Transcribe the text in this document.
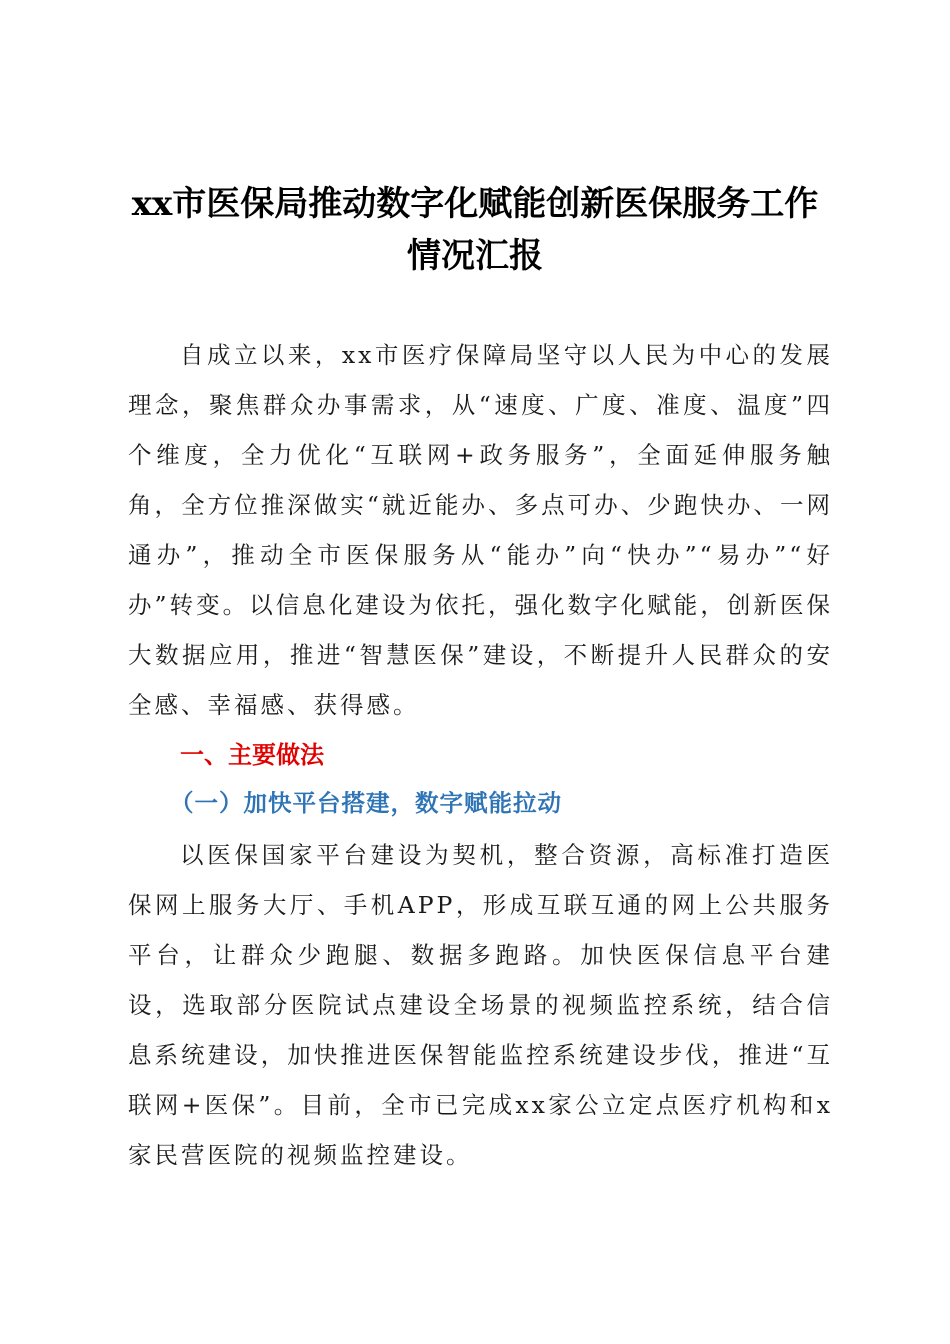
xx市医保局推动数字化赋能创新医保服务工作情况汇报

自成立以来，xx市医疗保障局坚守以人民为中心的发展理念，聚焦群众办事需求，从“速度、广度、准度、温度”四个维度，全力优化“互联网+政务服务”，全面延伸服务触角，全方位推深做实“就近能办、多点可办、少跑快办、一网通办”，推动全市医保服务从“能办”向“快办”“易办”“好办”转变。以信息化建设为依托，强化数字化赋能，创新医保大数据应用，推进“智慧医保”建设，不断提升人民群众的安全感、幸福感、获得感。

一、主要做法
（一）加快平台搭建，数字赋能拉动

以医保国家平台建设为契机，整合资源，高标准打造医保网上服务大厅、手机APP，形成互联互通的网上公共服务平台，让群众少跑腿、数据多跑路。加快医保信息平台建设，选取部分医院试点建设全场景的视频监控系统，结合信息系统建设，加快推进医保智能监控系统建设步伐，推进“互联网+医保”。目前，全市已完成xx家公立定点医疗机构和x家民营医院的视频监控建设。
